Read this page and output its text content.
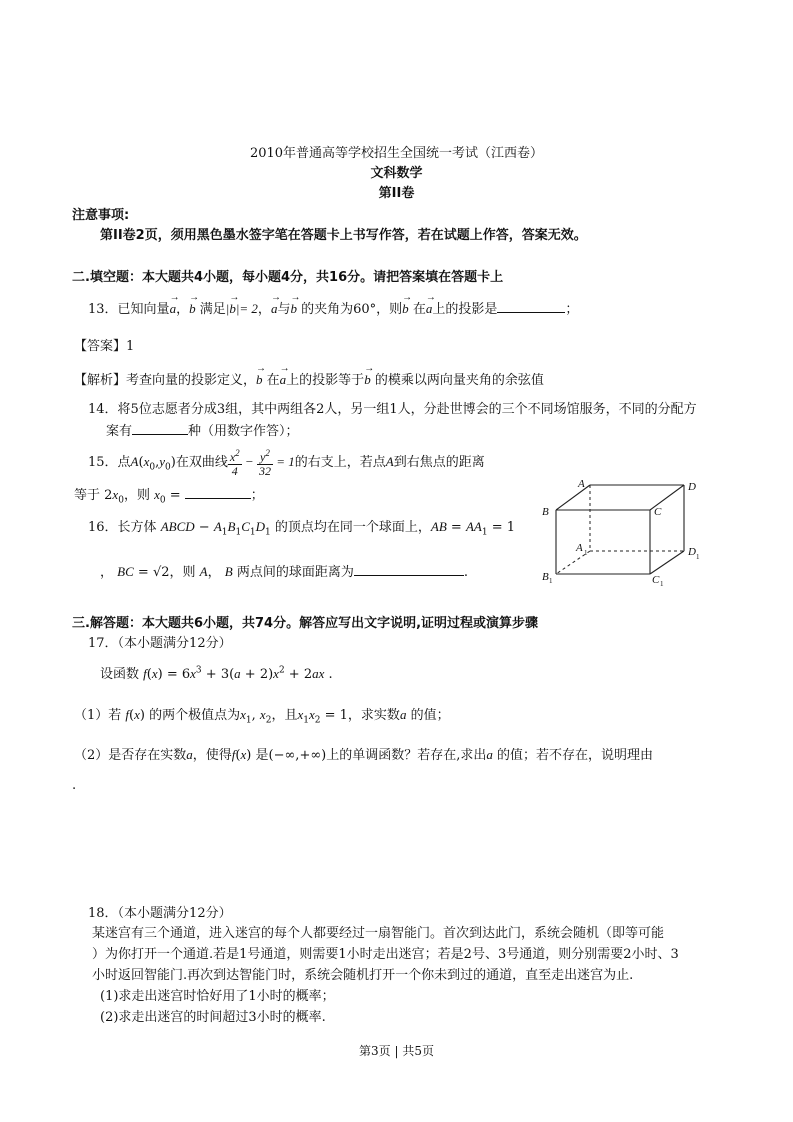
2010年普通高等学校招生全国统一考试（江西卷）
文科数学
第II卷
注意事项:
第II卷2页，须用黑色墨水签字笔在答题卡上书写作答，若在试题上作答，答案无效。
二.填空题：本大题共4小题，每小题4分，共16分。请把答案填在答题卡上
13．已知向量→ a，→ b 满足|→ b|= 2，→ a与→ b 的夹角为60°，则→ b 在→ a上的投影是	；
【答案】1
【解析】考查向量的投影定义，→ b 在→ a上的投影等于→ b 的模乘以两向量夹角的余弦值
14．将5位志愿者分成3组，其中两组各2人，另一组1人，分赴世博会的三个不同场馆服务，不同的分配方
案有	种（用数字作答）；
15．点$A(x_0,y_0)$在双曲线 $\frac{x^2}{4} - \frac{y^2}{32} = 1$的右支上，若点A到右焦点的距离
等于 $2x_0$，则 $x_0$ =	；
16．长方体 ABCD − $A_1B_1C_1D_1$ 的顶点均在同一个球面上，AB = $AA_1 = 1$
， BC = √2，则 A， B 两点间的球面距离为	.
A	D
B	C
A 1	D 1
B 1	C 1
三.解答题：本大题共6小题，共74分。解答应写出文字说明,证明过程或演算步骤
17．（本小题满分12分）
设函数 $f(x) = 6x^3 + 3(a + 2)x^2 + 2ax$ .
（1）若 f(x) 的两个极值点为$x_1$, $x_2$，且$x_1x_2 = 1$，求实数a 的值；
（2）是否存在实数a，使得f(x) 是(−∞,+∞)上的单调函数？若存在,求出a 的值；若不存在，说明理由
.
18．（本小题满分12分）
某迷宫有三个通道，进入迷宫的每个人都要经过一扇智能门。首次到达此门，系统会随机（即等可能
）为你打开一个通道.若是1号通道，则需要1小时走出迷宫；若是2号、3号通道，则分别需要2小时、3
小时返回智能门.再次到达智能门时，系统会随机打开一个你未到过的通道，直至走出迷宫为止.
(1)求走出迷宫时恰好用了1小时的概率；
(2)求走出迷宫的时间超过3小时的概率.
第3页 | 共5页
